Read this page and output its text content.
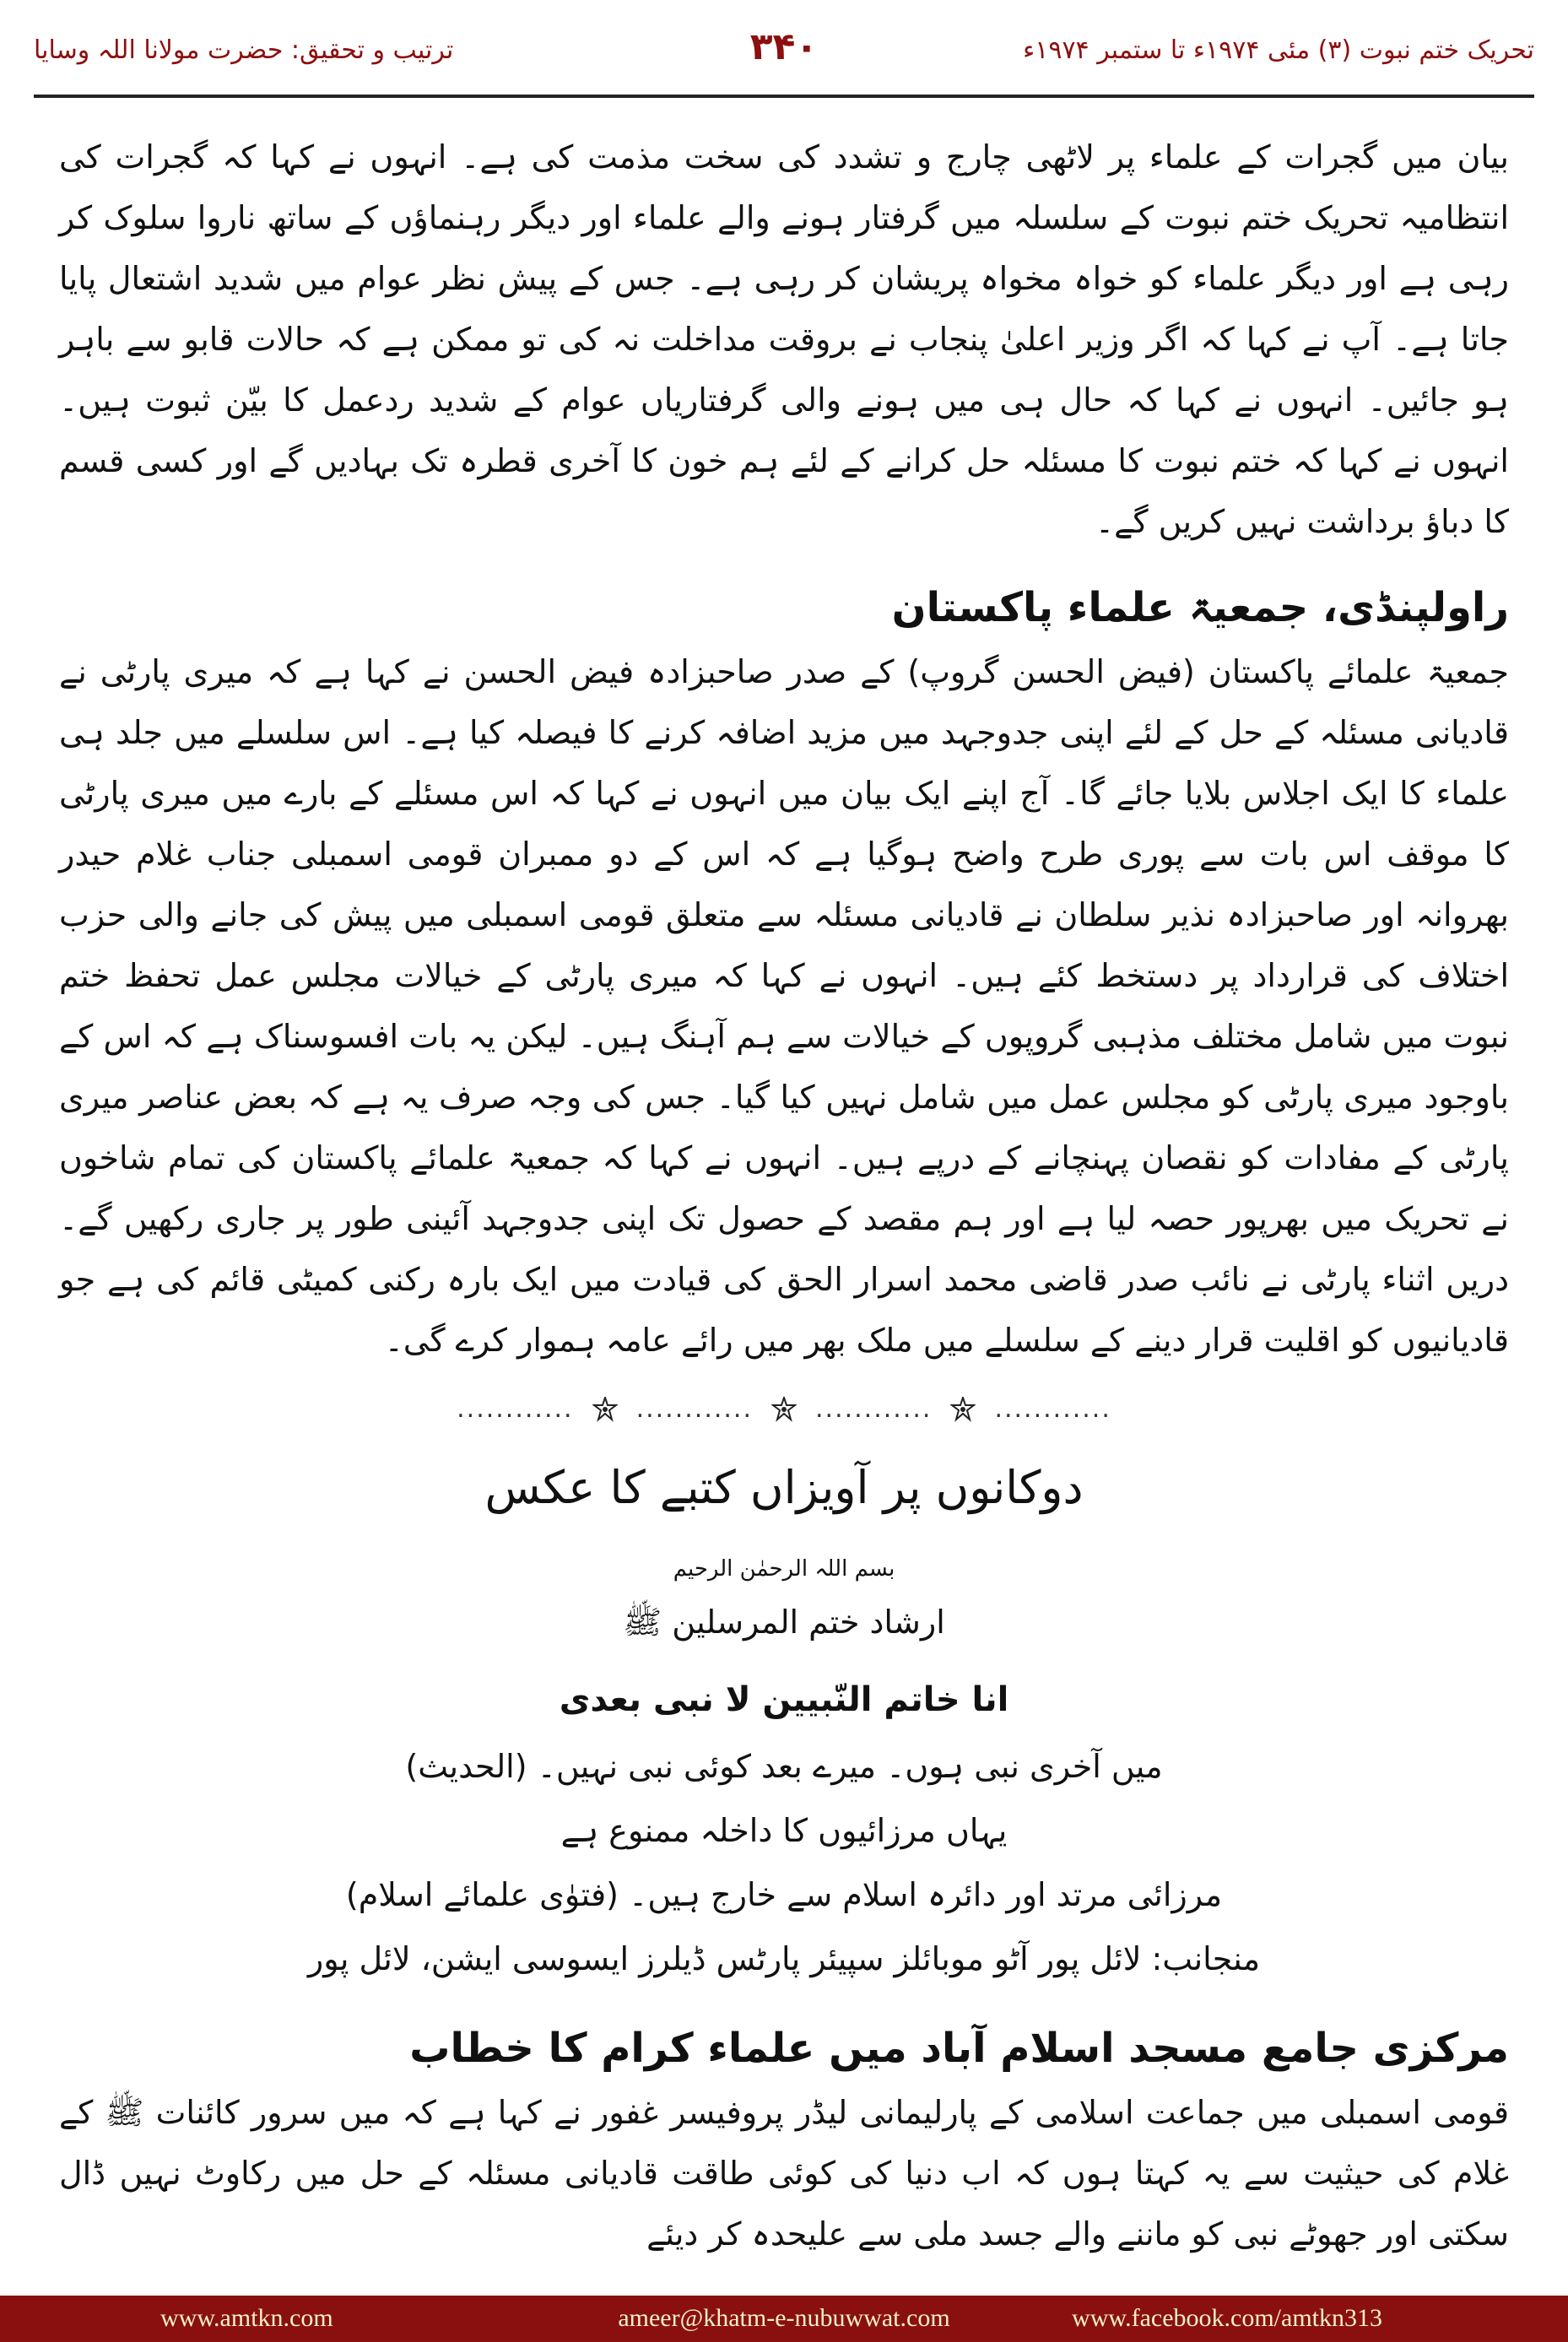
تحریک ختم نبوت (۳) مئی ۱۹۷۴ء تا ستمبر ۱۹۷۴ء
۳۴۰
ترتیب و تحقیق: حضرت مولانا اللہ وسایا

بیان میں گجرات کے علماء پر لاٹھی چارج و تشدد کی سخت مذمت کی ہے۔ انہوں نے کہا کہ گجرات کی انتظامیہ تحریک ختم نبوت کے سلسلہ میں گرفتار ہونے والے علماء اور دیگر رہنماؤں کے ساتھ ناروا سلوک کر رہی ہے اور دیگر علماء کو خواہ مخواہ پریشان کر رہی ہے۔ جس کے پیش نظر عوام میں شدید اشتعال پایا جاتا ہے۔ آپ نے کہا کہ اگر وزیر اعلیٰ پنجاب نے بروقت مداخلت نہ کی تو ممکن ہے کہ حالات قابو سے باہر ہو جائیں۔ انہوں نے کہا کہ حال ہی میں ہونے والی گرفتاریاں عوام کے شدید ردعمل کا بیّن ثبوت ہیں۔ انہوں نے کہا کہ ختم نبوت کا مسئلہ حل کرانے کے لئے ہم خون کا آخری قطرہ تک بہادیں گے اور کسی قسم کا دباؤ برداشت نہیں کریں گے۔

راولپنڈی، جمعیۃ علماء پاکستان

جمعیۃ علمائے پاکستان (فیض الحسن گروپ) کے صدر صاحبزادہ فیض الحسن نے کہا ہے کہ میری پارٹی نے قادیانی مسئلہ کے حل کے لئے اپنی جدوجہد میں مزید اضافہ کرنے کا فیصلہ کیا ہے۔ اس سلسلے میں جلد ہی علماء کا ایک اجلاس بلایا جائے گا۔ آج اپنے ایک بیان میں انہوں نے کہا کہ اس مسئلے کے بارے میں میری پارٹی کا موقف اس بات سے پوری طرح واضح ہوگیا ہے کہ اس کے دو ممبران قومی اسمبلی جناب غلام حیدر بھروانہ اور صاحبزادہ نذیر سلطان نے قادیانی مسئلہ سے متعلق قومی اسمبلی میں پیش کی جانے والی حزب اختلاف کی قرارداد پر دستخط کئے ہیں۔ انہوں نے کہا کہ میری پارٹی کے خیالات مجلس عمل تحفظ ختم نبوت میں شامل مختلف مذہبی گروپوں کے خیالات سے ہم آہنگ ہیں۔ لیکن یہ بات افسوسناک ہے کہ اس کے باوجود میری پارٹی کو مجلس عمل میں شامل نہیں کیا گیا۔ جس کی وجہ صرف یہ ہے کہ بعض عناصر میری پارٹی کے مفادات کو نقصان پہنچانے کے درپے ہیں۔ انہوں نے کہا کہ جمعیۃ علمائے پاکستان کی تمام شاخوں نے تحریک میں بھرپور حصہ لیا ہے اور ہم مقصد کے حصول تک اپنی جدوجہد آئینی طور پر جاری رکھیں گے۔ دریں اثناء پارٹی نے نائب صدر قاضی محمد اسرار الحق کی قیادت میں ایک بارہ رکنی کمیٹی قائم کی ہے جو قادیانیوں کو اقلیت قرار دینے کے سلسلے میں ملک بھر میں رائے عامہ ہموار کرے گی۔

............ ............ ............ ............
دوکانوں پر آویزاں کتبے کا عکس
بسم اللہ الرحمٰن الرحیم
ارشاد ختم المرسلین ﷺ
انا خاتم النّبیین لا نبی بعدی
میں آخری نبی ہوں۔ میرے بعد کوئی نبی نہیں۔ (الحدیث)
یہاں مرزائیوں کا داخلہ ممنوع ہے
مرزائی مرتد اور دائرہ اسلام سے خارج ہیں۔ (فتوٰی علمائے اسلام)
منجانب: لائل پور آٹو موبائلز سپیئر پارٹس ڈیلرز ایسوسی ایشن، لائل پور
مرکزی جامع مسجد اسلام آباد میں علماء کرام کا خطاب

قومی اسمبلی میں جماعت اسلامی کے پارلیمانی لیڈر پروفیسر غفور نے کہا ہے کہ میں سرور کائنات ﷺ کے غلام کی حیثیت سے یہ کہتا ہوں کہ اب دنیا کی کوئی طاقت قادیانی مسئلہ کے حل میں رکاوٹ نہیں ڈال سکتی اور جھوٹے نبی کو ماننے والے جسد ملی سے علیحدہ کر دیئے

www.amtkn.com	ameer@khatm-e-nubuwwat.com	www.facebook.com/amtkn313
